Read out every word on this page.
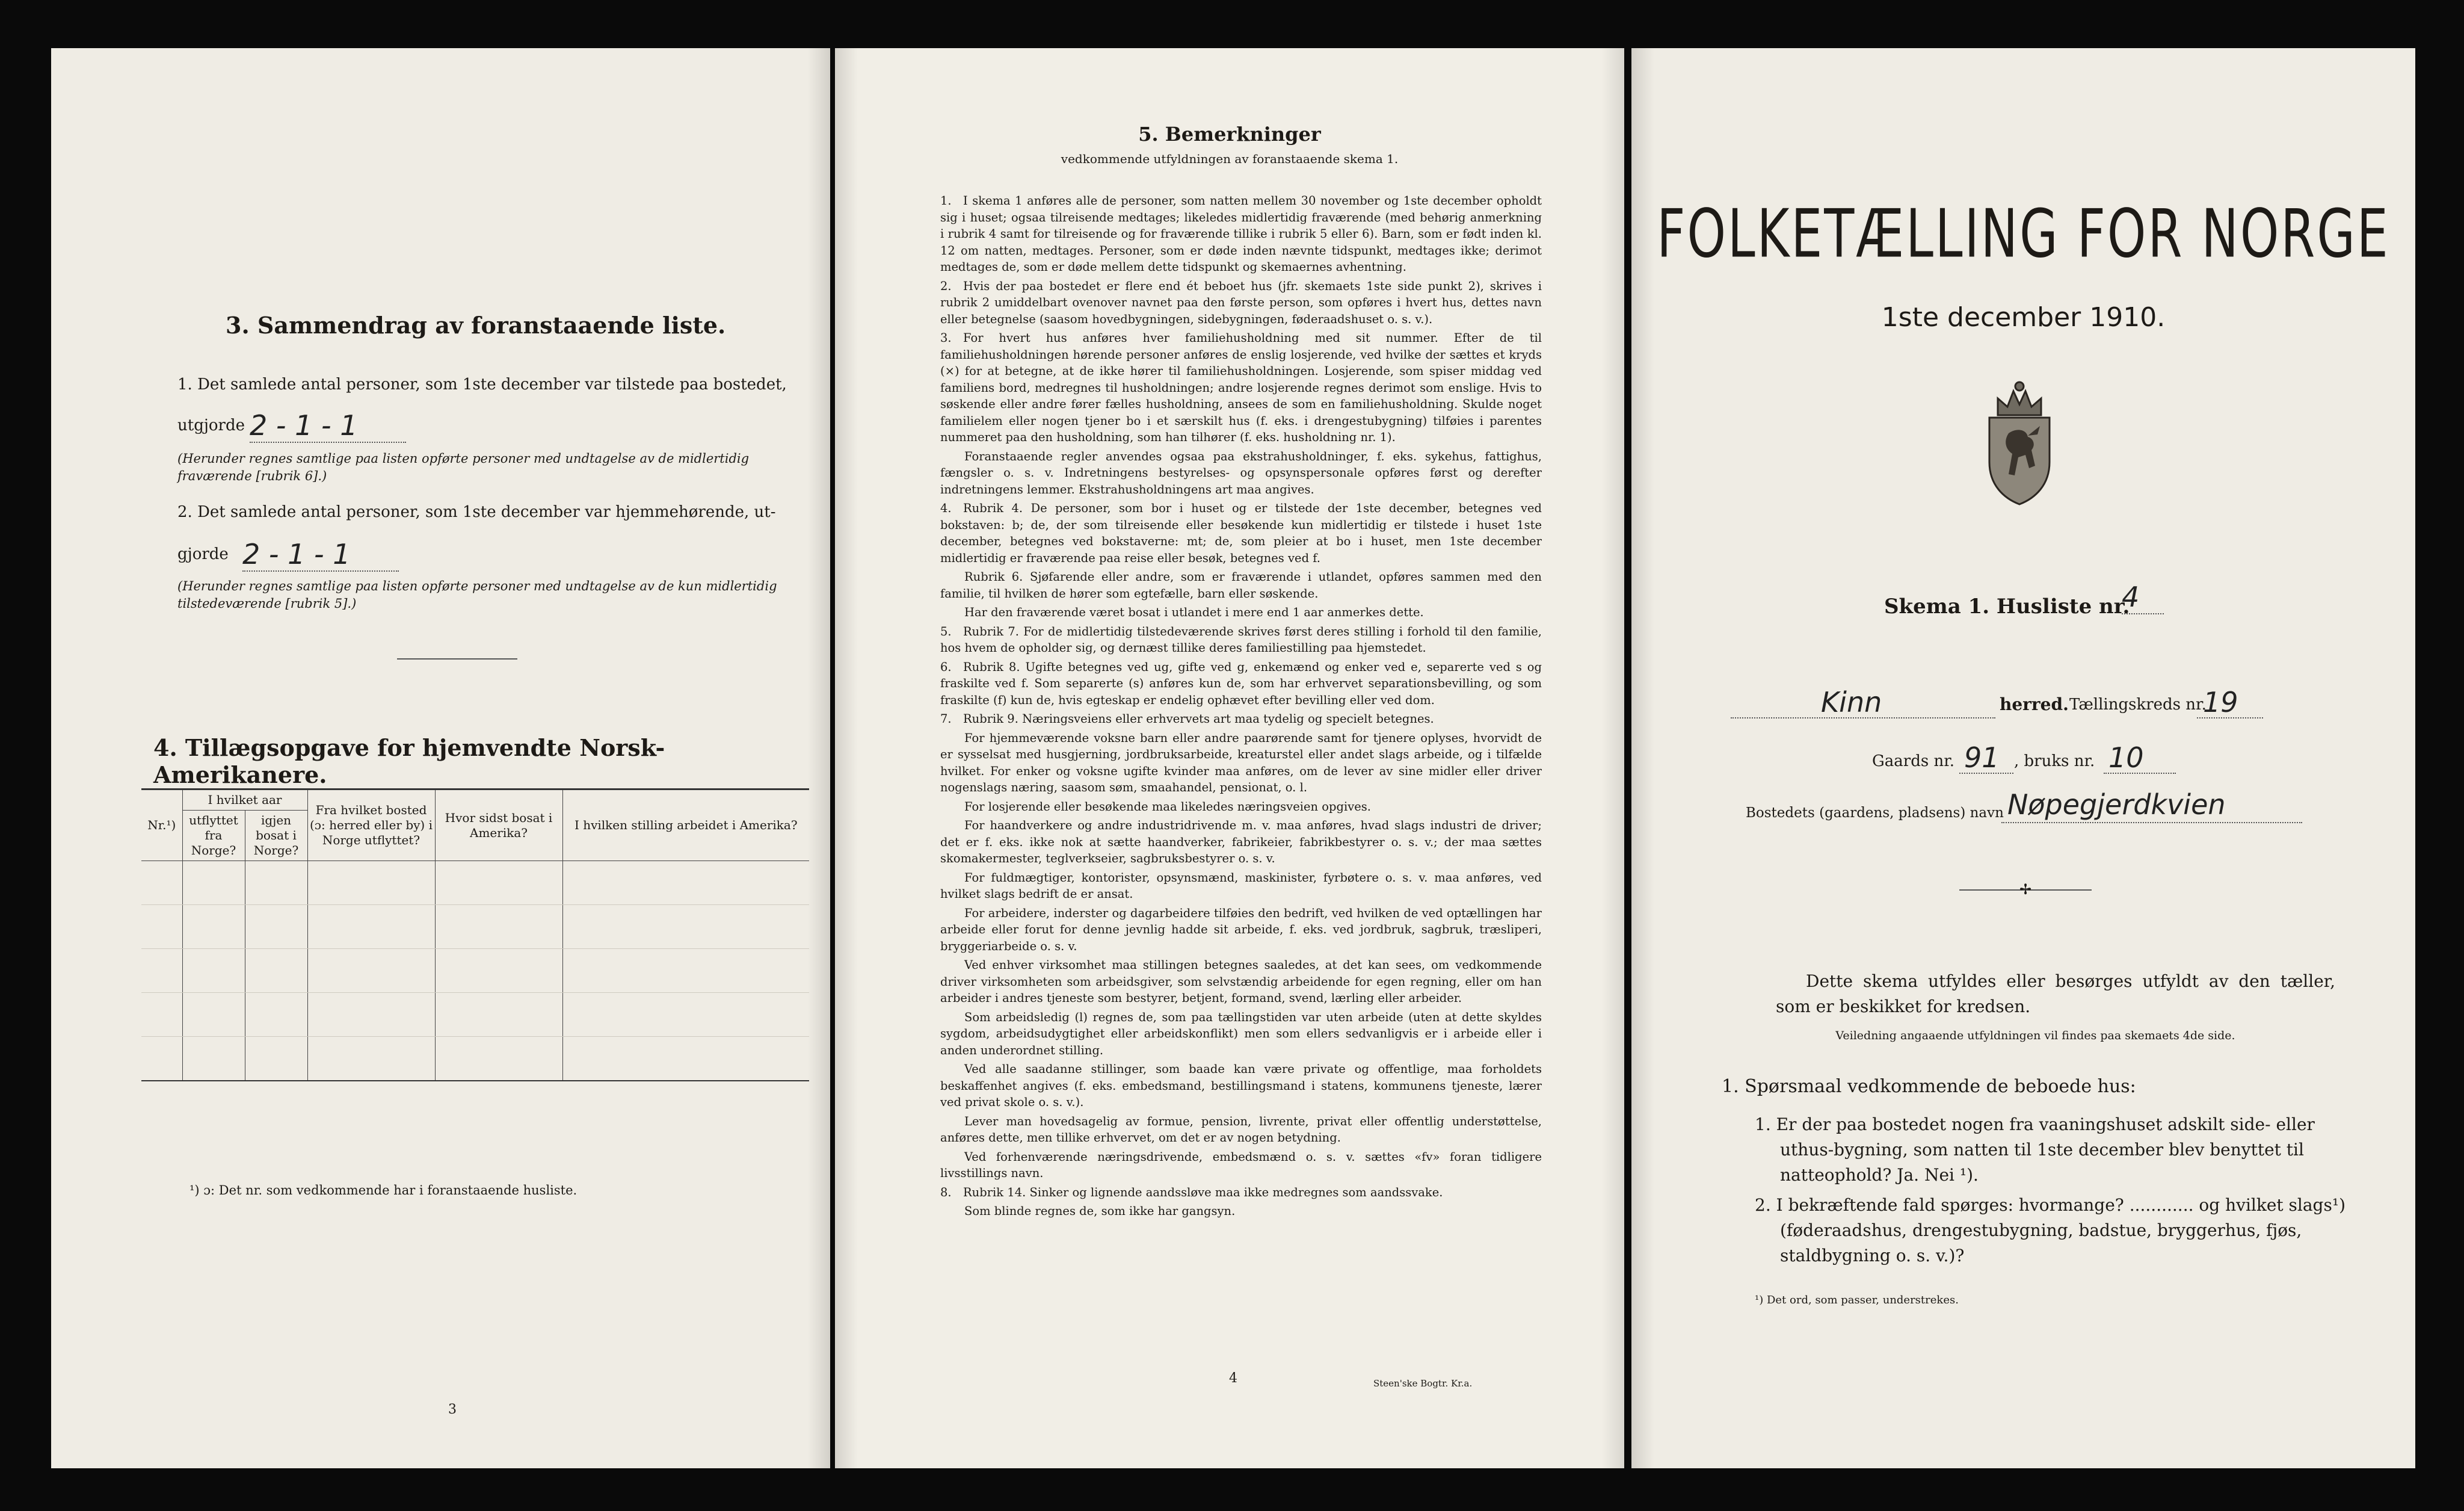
3. Sammendrag av foranstaaende liste.
1. Det samlede antal personer, som 1ste december var tilstede paa bostedet,
utgjorde 2 - 1 - 1
(Herunder regnes samtlige paa listen opførte personer med undtagelse av de midlertidig fraværende [rubrik 6].)
2. Det samlede antal personer, som 1ste december var hjemmehørende, ut-
gjorde 2 - 1 - 1
(Herunder regnes samtlige paa listen opførte personer med undtagelse av de kun midlertidig tilstedeværende [rubrik 5].)
4. Tillægsopgave for hjemvendte Norsk-Amerikanere.
Nr.¹)	I hvilket aar		Fra hvilket bosted (ɔ: herred eller by) i Norge utflyttet?	Hvor sidst bosat i Amerika?	I hvilken stilling arbeidet i Amerika?
	utflyttet fra Norge?	igjen bosat i Norge?			

¹) ɔ: Det nr. som vedkommende har i foranstaaende husliste.
3
5. Bemerkninger
vedkommende utfyldningen av foranstaaende skema 1.

1. I skema 1 anføres alle de personer, som natten mellem 30 november og 1ste december opholdt sig i huset; ogsaa tilreisende medtages; likeledes midlertidig fraværende (med behørig anmerkning i rubrik 4 samt for tilreisende og for fraværende tillike i rubrik 5 eller 6). Barn, som er født inden kl. 12 om natten, medtages. Personer, som er døde inden nævnte tidspunkt, medtages ikke; derimot medtages de, som er døde mellem dette tidspunkt og skemaernes avhentning.

2. Hvis der paa bostedet er flere end ét beboet hus (jfr. skemaets 1ste side punkt 2), skrives i rubrik 2 umiddelbart ovenover navnet paa den første person, som opføres i hvert hus, dettes navn eller betegnelse (saasom hovedbygningen, sidebygningen, føderaadshuset o. s. v.).

3. For hvert hus anføres hver familiehusholdning med sit nummer. Efter de til familiehusholdningen hørende personer anføres de enslig losjerende, ved hvilke der sættes et kryds (×) for at betegne, at de ikke hører til familiehusholdningen. Losjerende, som spiser middag ved familiens bord, medregnes til husholdningen; andre losjerende regnes derimot som enslige. Hvis to søskende eller andre fører fælles husholdning, ansees de som en familiehusholdning. Skulde noget familielem eller nogen tjener bo i et særskilt hus (f. eks. i drengestubygning) tilføies i parentes nummeret paa den husholdning, som han tilhører (f. eks. husholdning nr. 1).

Foranstaaende regler anvendes ogsaa paa ekstrahusholdninger, f. eks. sykehus, fattighus, fængsler o. s. v. Indretningens bestyrelses- og opsynspersonale opføres først og derefter indretningens lemmer. Ekstrahusholdningens art maa angives.

4. Rubrik 4. De personer, som bor i huset og er tilstede der 1ste december, betegnes ved bokstaven: b; de, der som tilreisende eller besøkende kun midlertidig er tilstede i huset 1ste december, betegnes ved bokstaverne: mt; de, som pleier at bo i huset, men 1ste december midlertidig er fraværende paa reise eller besøk, betegnes ved f.

Rubrik 6. Sjøfarende eller andre, som er fraværende i utlandet, opføres sammen med den familie, til hvilken de hører som egtefælle, barn eller søskende.

Har den fraværende været bosat i utlandet i mere end 1 aar anmerkes dette.

5. Rubrik 7. For de midlertidig tilstedeværende skrives først deres stilling i forhold til den familie, hos hvem de opholder sig, og dernæst tillike deres familiestilling paa hjemstedet.

6. Rubrik 8. Ugifte betegnes ved ug, gifte ved g, enkemænd og enker ved e, separerte ved s og fraskilte ved f. Som separerte (s) anføres kun de, som har erhvervet separationsbevilling, og som fraskilte (f) kun de, hvis egteskap er endelig ophævet efter bevilling eller ved dom.

7. Rubrik 9. Næringsveiens eller erhvervets art maa tydelig og specielt betegnes.

For hjemmeværende voksne barn eller andre paarørende samt for tjenere oplyses, hvorvidt de er sysselsat med husgjerning, jordbruksarbeide, kreaturstel eller andet slags arbeide, og i tilfælde hvilket. For enker og voksne ugifte kvinder maa anføres, om de lever av sine midler eller driver nogenslags næring, saasom søm, smaahandel, pensionat, o. l.

For losjerende eller besøkende maa likeledes næringsveien opgives.

For haandverkere og andre industridrivende m. v. maa anføres, hvad slags industri de driver; det er f. eks. ikke nok at sætte haandverker, fabrikeier, fabrikbestyrer o. s. v.; der maa sættes skomakermester, teglverkseier, sagbruksbestyrer o. s. v.

For fuldmægtiger, kontorister, opsynsmænd, maskinister, fyrbøtere o. s. v. maa anføres, ved hvilket slags bedrift de er ansat.

For arbeidere, inderster og dagarbeidere tilføies den bedrift, ved hvilken de ved optællingen har arbeide eller forut for denne jevnlig hadde sit arbeide, f. eks. ved jordbruk, sagbruk, træsliperi, bryggeriarbeide o. s. v.

Ved enhver virksomhet maa stillingen betegnes saaledes, at det kan sees, om vedkommende driver virksomheten som arbeidsgiver, som selvstændig arbeidende for egen regning, eller om han arbeider i andres tjeneste som bestyrer, betjent, formand, svend, lærling eller arbeider.

Som arbeidsledig (l) regnes de, som paa tællingstiden var uten arbeide (uten at dette skyldes sygdom, arbeidsudygtighet eller arbeidskonflikt) men som ellers sedvanligvis er i arbeide eller i anden underordnet stilling.

Ved alle saadanne stillinger, som baade kan være private og offentlige, maa forholdets beskaffenhet angives (f. eks. embedsmand, bestillingsmand i statens, kommunens tjeneste, lærer ved privat skole o. s. v.).

Lever man hovedsagelig av formue, pension, livrente, privat eller offentlig understøttelse, anføres dette, men tillike erhvervet, om det er av nogen betydning.

Ved forhenværende næringsdrivende, embedsmænd o. s. v. sættes «fv» foran tidligere livsstillings navn.

8. Rubrik 14. Sinker og lignende aandssløve maa ikke medregnes som aandssvake.

Som blinde regnes de, som ikke har gangsyn.

4	Steen'ske Bogtr. Kr.a.
FOLKETÆLLING FOR NORGE
1ste december 1910.
Skema 1. Husliste nr.
4
Kinn	herred. Tællingskreds nr.
19
Gaards nr. 91 , bruks nr. 10
Bostedets (gaardens, pladsens) navn Nøpegjerdkvien
✢
Dette skema utfyldes eller besørges utfyldt av den tæller, som er beskikket for kredsen.
Veiledning angaaende utfyldningen vil findes paa skemaets 4de side.
1. Spørsmaal vedkommende de beboede hus:
1. Er der paa bostedet nogen fra vaaningshuset adskilt side- eller uthus-bygning, som natten til 1ste december blev benyttet til natteophold? Ja. Nei ¹).
2. I bekræftende fald spørges: hvormange? ............ og hvilket slags¹) (føderaadshus, drengestubygning, badstue, bryggerhus, fjøs, staldbygning o. s. v.)?
¹) Det ord, som passer, understrekes.
